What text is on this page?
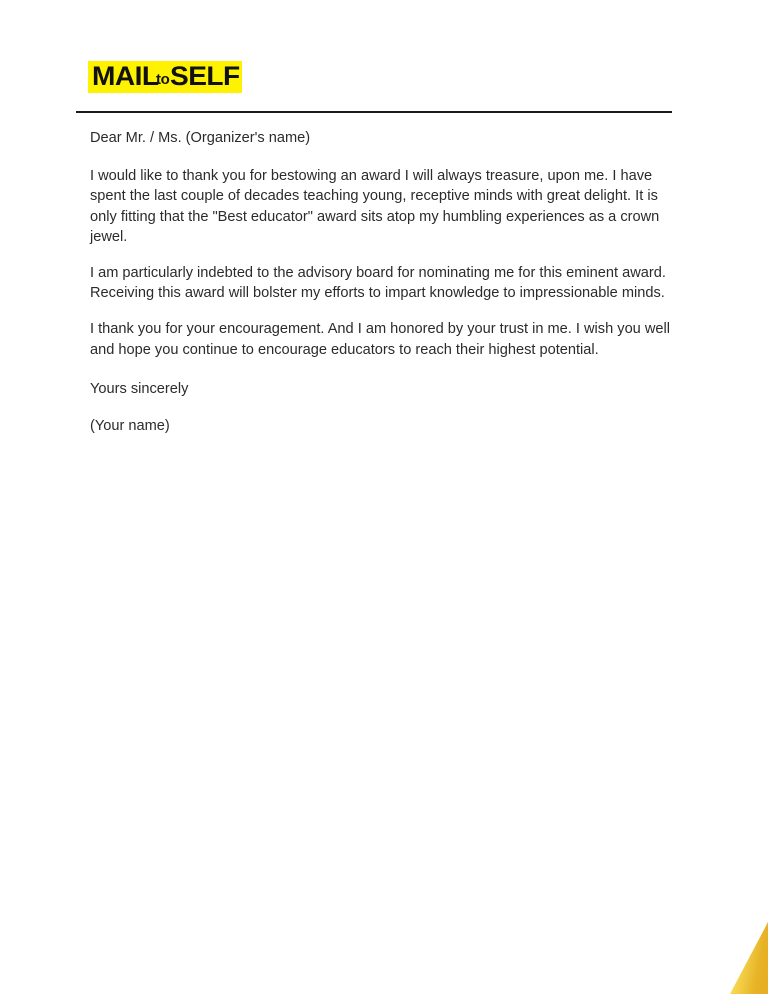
MAIL
to SELF

Dear Mr. / Ms. (Organizer's name)

I would like to thank you for bestowing an award I will always treasure, upon me. I have spent the last couple of decades teaching young, receptive minds with great delight. It is only fitting that the "Best educator" award sits atop my humbling experiences as a crown jewel.

I am particularly indebted to the advisory board for nominating me for this eminent award. Receiving this award will bolster my efforts to impart knowledge to impressionable minds.

I thank you for your encouragement. And I am honored by your trust in me. I wish you well and hope you continue to encourage educators to reach their highest potential.

Yours sincerely

(Your name)
